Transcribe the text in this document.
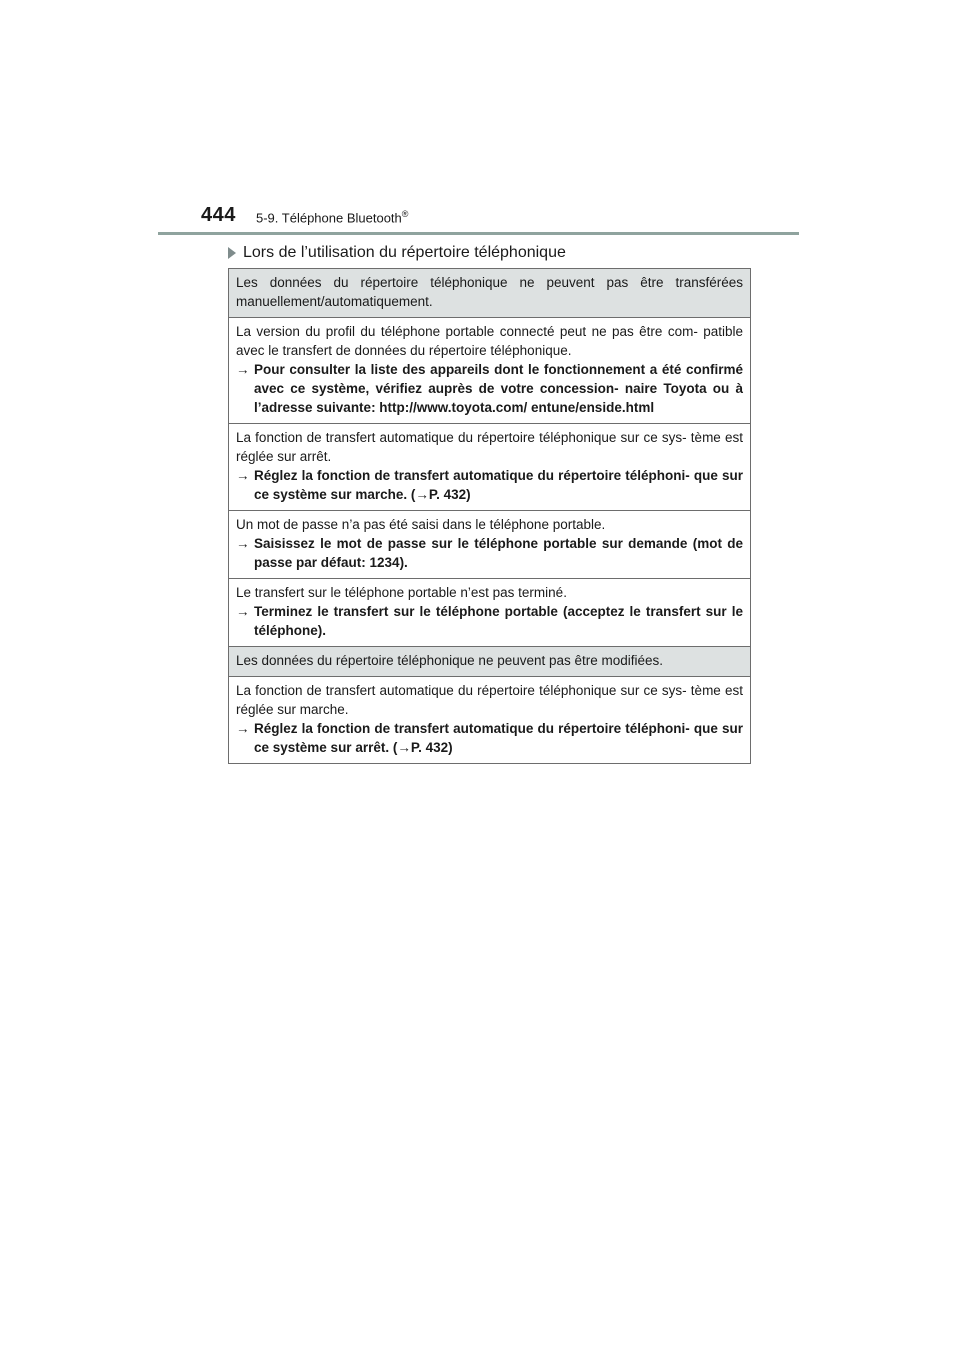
444 5-9. Téléphone Bluetooth®
Lors de l’utilisation du répertoire téléphonique
Les données du répertoire téléphonique ne peuvent pas être transférées manuellement/automatiquement.

La version du profil du téléphone portable connecté peut ne pas être com- patible avec le transfert de données du répertoire téléphonique.
→ Pour consulter la liste des appareils dont le fonctionnement a été confirmé avec ce système, vérifiez auprès de votre concession- naire Toyota ou à l’adresse suivante: http://www.toyota.com/ entune/enside.html

La fonction de transfert automatique du répertoire téléphonique sur ce sys- tème est réglée sur arrêt.
→ Réglez la fonction de transfert automatique du répertoire téléphoni- que sur ce système sur marche. (→P. 432)

Un mot de passe n’a pas été saisi dans le téléphone portable.
→ Saisissez le mot de passe sur le téléphone portable sur demande (mot de passe par défaut: 1234).

Le transfert sur le téléphone portable n’est pas terminé.
→ Terminez le transfert sur le téléphone portable (acceptez le transfert sur le téléphone).

Les données du répertoire téléphonique ne peuvent pas être modifiées.

La fonction de transfert automatique du répertoire téléphonique sur ce sys- tème est réglée sur marche.
→ Réglez la fonction de transfert automatique du répertoire téléphoni- que sur ce système sur arrêt. (→P. 432)
